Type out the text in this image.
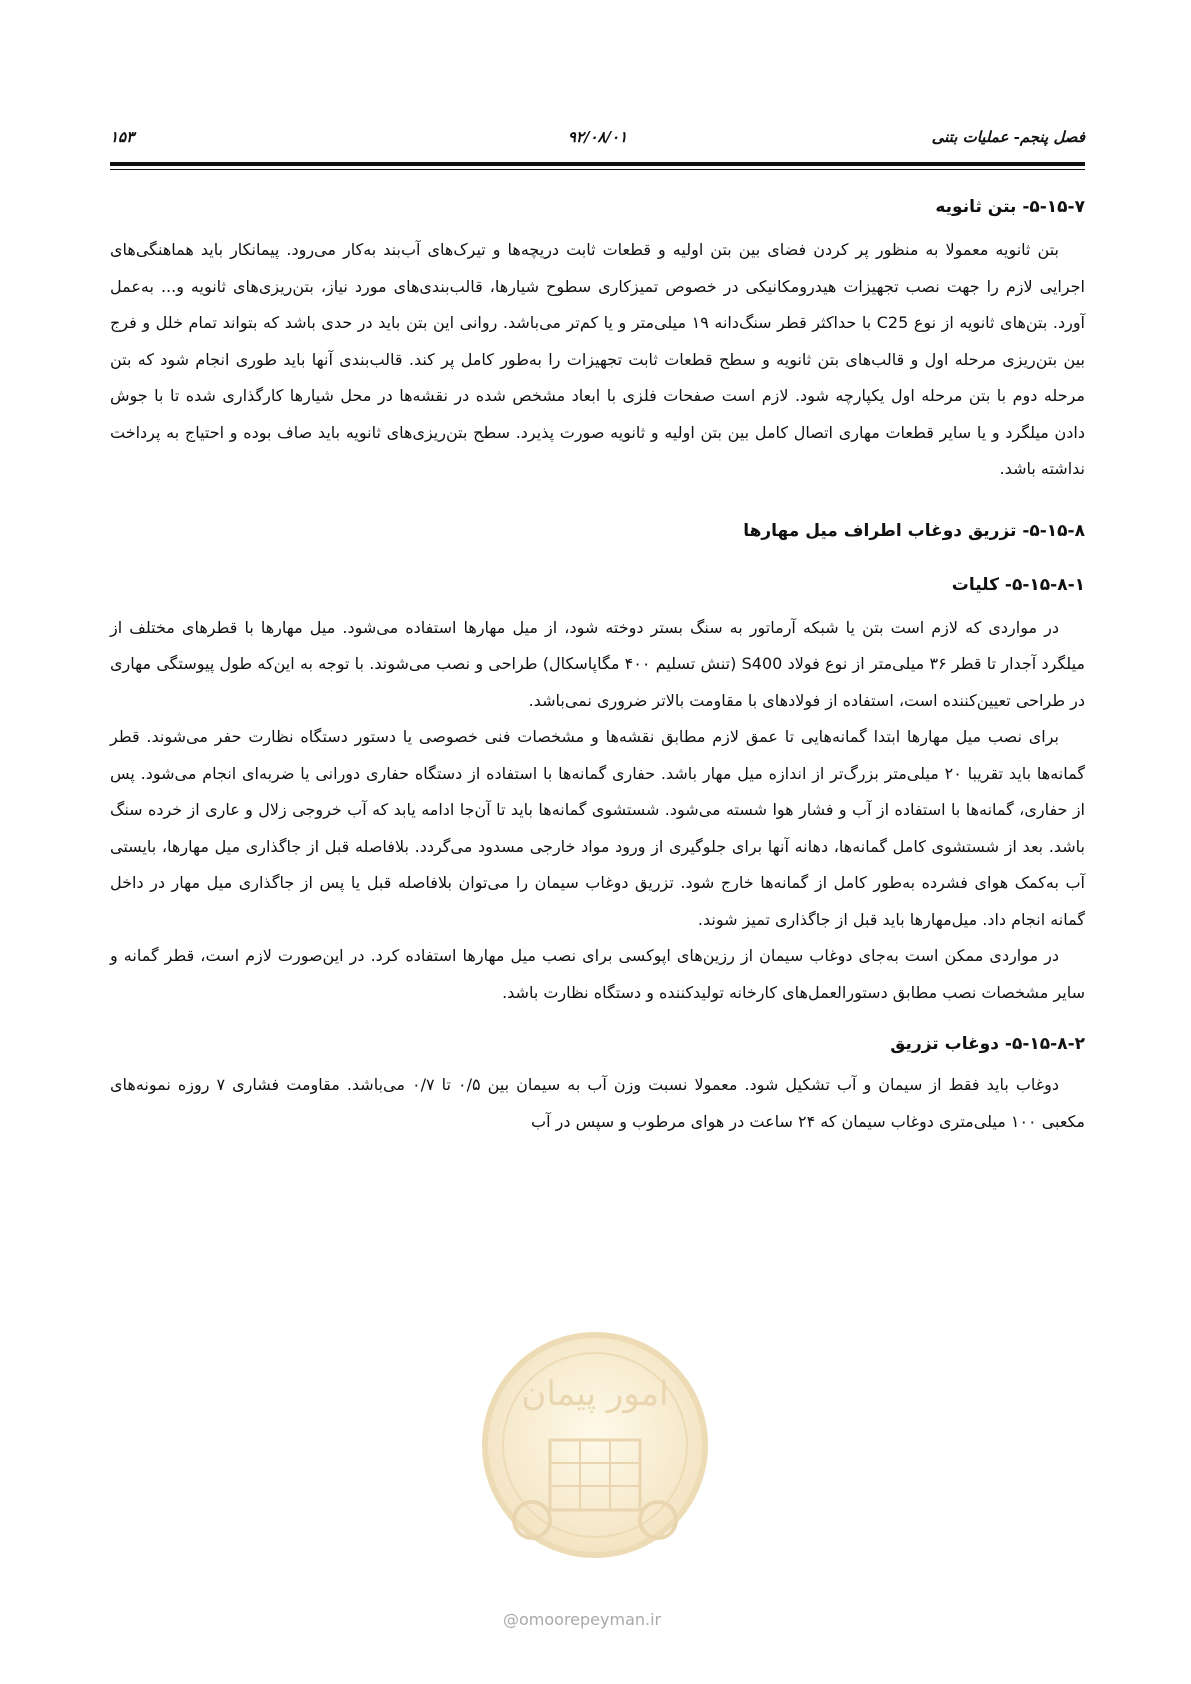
فصل پنجم- عملیات بتنی
۹۲/۰۸/۰۱
۱۵۳
۵-۱۵-۷- بتن ثانویه

بتن ثانویه معمولا به منظور پر کردن فضای بین بتن اولیه و قطعات ثابت دریچه‌ها و تیرک‌های آب‌بند به‌کار می‌رود. پیمانکار باید هماهنگی‌های اجرایی لازم را جهت نصب تجهیزات هیدرومکانیکی در خصوص تمیزکاری سطوح شیارها، قالب‌بندی‌های مورد نیاز، بتن‌ریزی‌های ثانویه و... به‌عمل آورد. بتن‌های ثانویه از نوع C25 با حداکثر قطر سنگ‌دانه ۱۹ میلی‌متر و یا کم‌تر می‌باشد. روانی این بتن باید در حدی باشد که بتواند تمام خلل و فرج بین بتن‌ریزی مرحله اول و قالب‌های بتن ثانویه و سطح قطعات ثابت تجهیزات را به‌طور کامل پر کند. قالب‌بندی آنها باید طوری انجام شود که بتن مرحله دوم با بتن مرحله اول یکپارچه شود. لازم است صفحات فلزی با ابعاد مشخص شده در نقشه‌ها در محل شیارها کارگذاری شده تا با جوش دادن میلگرد و یا سایر قطعات مهاری اتصال کامل بین بتن اولیه و ثانویه صورت پذیرد. سطح بتن‌ریزی‌های ثانویه باید صاف بوده و احتیاج به پرداخت نداشته باشد.

۵-۱۵-۸- تزریق دوغاب اطراف میل مهارها
۵-۱۵-۸-۱- کلیات

در مواردی که لازم است بتن یا شبکه آرماتور به سنگ بستر دوخته شود، از میل مهارها استفاده می‌شود. میل مهارها با قطرهای مختلف از میلگرد آجدار تا قطر ۳۶ میلی‌متر از نوع فولاد S400 (تنش تسلیم ۴۰۰ مگاپاسکال) طراحی و نصب می‌شوند. با توجه به این‌که طول پیوستگی مهاری در طراحی تعیین‌کننده است، استفاده از فولادهای با مقاومت بالاتر ضروری نمی‌باشد.

برای نصب میل مهارها ابتدا گمانه‌هایی تا عمق لازم مطابق نقشه‌ها و مشخصات فنی خصوصی یا دستور دستگاه نظارت حفر می‌شوند. قطر گمانه‌ها باید تقریبا ۲۰ میلی‌متر بزرگ‌تر از اندازه میل مهار باشد. حفاری گمانه‌ها با استفاده از دستگاه حفاری دورانی یا ضربه‌ای انجام می‌شود. پس از حفاری، گمانه‌ها با استفاده از آب و فشار هوا شسته می‌شود. شستشوی گمانه‌ها باید تا آن‌جا ادامه یابد که آب خروجی زلال و عاری از خرده سنگ باشد. بعد از شستشوی کامل گمانه‌ها، دهانه آنها برای جلوگیری از ورود مواد خارجی مسدود می‌گردد. بلافاصله قبل از جاگذاری میل مهارها، بایستی آب به‌کمک هوای فشرده به‌طور کامل از گمانه‌ها خارج شود. تزریق دوغاب سیمان را می‌توان بلافاصله قبل یا پس از جاگذاری میل مهار در داخل گمانه انجام داد. میل‌مهارها باید قبل از جاگذاری تمیز شوند.

در مواردی ممکن است به‌جای دوغاب سیمان از رزین‌های اپوکسی برای نصب میل مهارها استفاده کرد. در این‌صورت لازم است، قطر گمانه و سایر مشخصات نصب مطابق دستورالعمل‌های کارخانه تولیدکننده و دستگاه نظارت باشد.

۵-۱۵-۸-۲- دوغاب تزریق

دوغاب باید فقط از سیمان و آب تشکیل شود. معمولا نسبت وزن آب به سیمان بین ۰/۵ تا ۰/۷ می‌باشد. مقاومت فشاری ۷ روزه نمونه‌های مکعبی ۱۰۰ میلی‌متری دوغاب سیمان که ۲۴ ساعت در هوای مرطوب و سپس در آب

امور پیمان
@omoorepeyman.ir
